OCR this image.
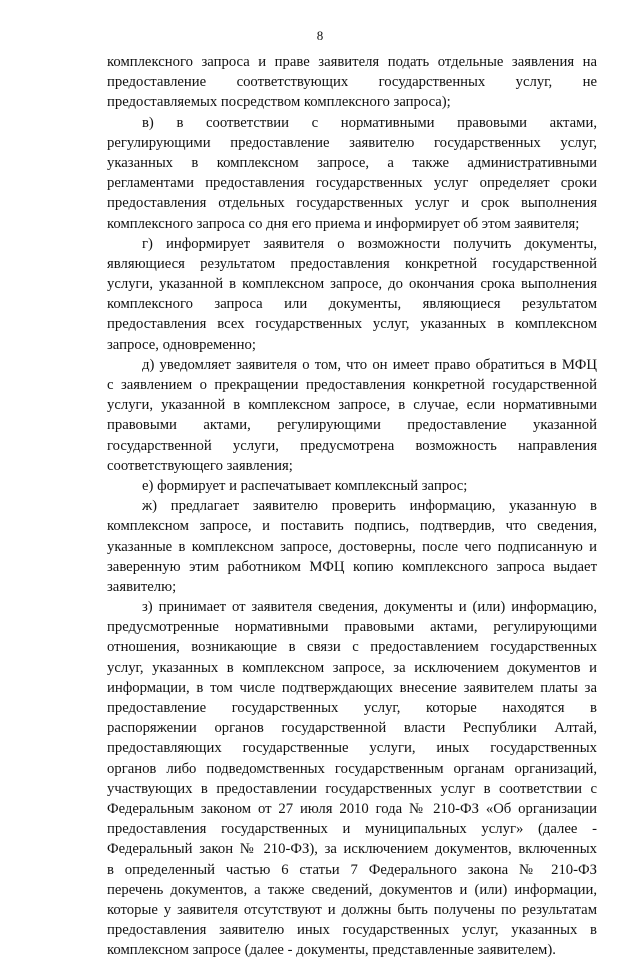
8
комплексного запроса и праве заявителя подать отдельные заявления на
предоставление соответствующих государственных услуг, не
предоставляемых посредством комплексного запроса);
в) в соответствии с нормативными правовыми актами,
регулирующими предоставление заявителю государственных услуг,
указанных в комплексном запросе, а также административными
регламентами предоставления государственных услуг определяет сроки
предоставления отдельных государственных услуг и срок выполнения
комплексного запроса со дня его приема и информирует об этом заявителя;
г) информирует заявителя о возможности получить документы,
являющиеся результатом предоставления конкретной государственной
услуги, указанной в комплексном запросе, до окончания срока выполнения
комплексного запроса или документы, являющиеся результатом
предоставления всех государственных услуг, указанных в комплексном
запросе, одновременно;
д) уведомляет заявителя о том, что он имеет право обратиться в МФЦ
с заявлением о прекращении предоставления конкретной государственной
услуги, указанной в комплексном запросе, в случае, если нормативными
правовыми актами, регулирующими предоставление указанной
государственной услуги, предусмотрена возможность направления
соответствующего заявления;
е) формирует и распечатывает комплексный запрос;
ж) предлагает заявителю проверить информацию, указанную в
комплексном запросе, и поставить подпись, подтвердив, что сведения,
указанные в комплексном запросе, достоверны, после чего подписанную и
заверенную этим работником МФЦ копию комплексного запроса выдает
заявителю;
з) принимает от заявителя сведения, документы и (или) информацию,
предусмотренные нормативными правовыми актами, регулирующими
отношения, возникающие в связи с предоставлением государственных
услуг, указанных в комплексном запросе, за исключением документов и
информации, в том числе подтверждающих внесение заявителем платы за
предоставление государственных услуг, которые находятся в
распоряжении органов государственной власти Республики Алтай,
предоставляющих государственные услуги, иных государственных
органов либо подведомственных государственным органам организаций,
участвующих в предоставлении государственных услуг в соответствии с
Федеральным законом от 27 июля 2010 года № 210-ФЗ «Об организации
предоставления государственных и муниципальных услуг» (далее -
Федеральный закон № 210-ФЗ), за исключением документов, включенных
в определенный частью 6 статьи 7 Федерального закона № 210-ФЗ
перечень документов, а также сведений, документов и (или) информации,
которые у заявителя отсутствуют и должны быть получены по результатам
предоставления заявителю иных государственных услуг, указанных в
комплексном запросе (далее - документы, представленные заявителем).
